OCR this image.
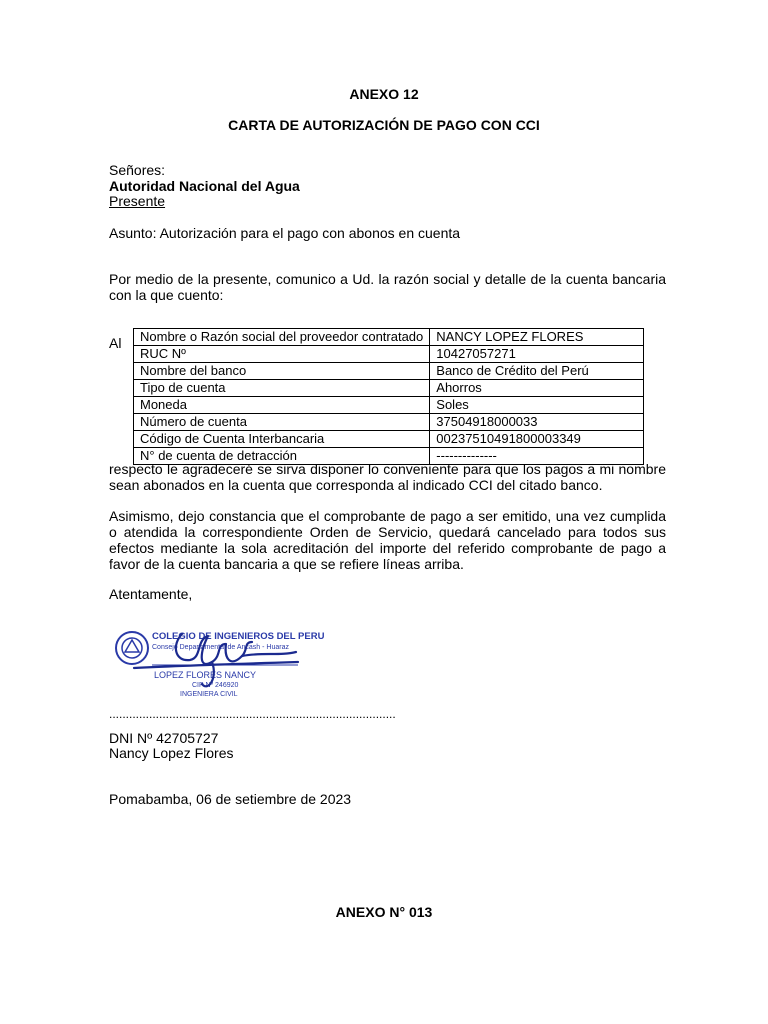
ANEXO 12
CARTA DE AUTORIZACIÓN DE PAGO CON CCI
Señores:
Autoridad Nacional del Agua
Presente
Asunto: Autorización para el pago con abonos en cuenta
Por medio de la presente, comunico a Ud. la razón social y detalle de la cuenta bancaria con la que cuento:
Al Nombre o Razón social del proveedor contratado	NANCY LOPEZ FLORES
RUC Nº	10427057271
Nombre del banco	Banco de Crédito del Perú
Tipo de cuenta	Ahorros
Moneda	Soles
Número de cuenta	37504918000033
Código de Cuenta Interbancaria	00237510491800003349
N° de cuenta de detracción	--------------
respecto le agradeceré se sirva disponer lo conveniente para que los pagos a mi nombre sean abonados en la cuenta que corresponda al indicado CCI del citado banco.
Asimismo, dejo constancia que el comprobante de pago a ser emitido, una vez cumplida o atendida la correspondiente Orden de Servicio, quedará cancelado para todos sus efectos mediante la sola acreditación del importe del referido comprobante de pago a favor de la cuenta bancaria a que se refiere líneas arriba.
Atentamente,
COLEGIO DE INGENIEROS DEL PERU
Consejo Departamental de Ancash - Huaraz
LOPEZ FLORES NANCY
CIP Nº 246920
INGENIERA CIVIL
......................................................................................
DNI Nº 42705727
Nancy Lopez Flores
Pomabamba, 06 de setiembre de 2023
ANEXO N° 013
